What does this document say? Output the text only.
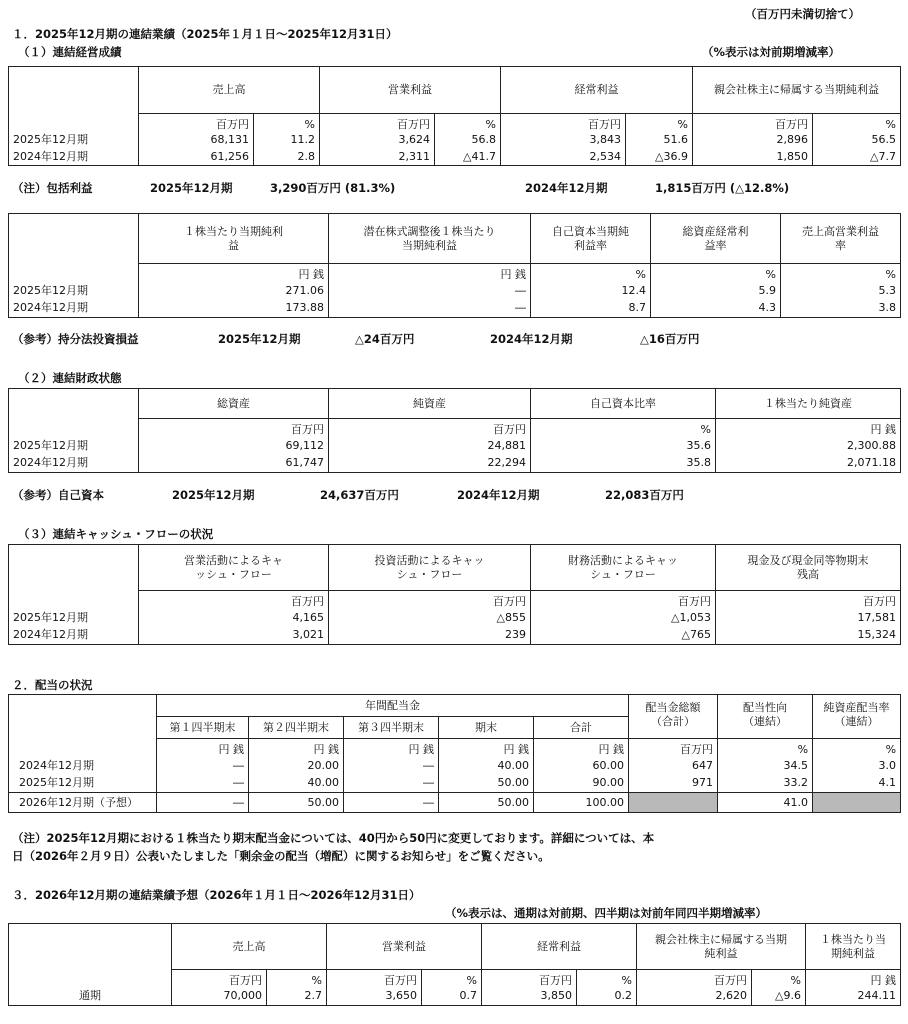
（百万円未満切捨て）
１．2025年12月期の連結業績（2025年１月１日～2025年12月31日）
（１）連結経営成績	（%表示は対前期増減率）
	売上高		営業利益		経常利益		親会社株主に帰属する当期純利益	
	百万円	%	百万円	%	百万円	%	百万円	%
2025年12月期	68,131	11.2	3,624	56.8	3,843	51.6	2,896	56.5
2024年12月期	61,256	2.8	2,311	△41.7	2,534	△36.9	1,850	△7.7
（注）包括利益	2025年12月期	3,290百万円 (81.3%)	2024年12月期	1,815百万円 (△12.8%)
	１株当たり当期純利益	潜在株式調整後１株当たり当期純利益	自己資本当期純利益率	総資産経常利益率	売上高営業利益率
	円 銭	円 銭	%	%	%
2025年12月期	271.06	―	12.4	5.9	5.3
2024年12月期	173.88	―	8.7	4.3	3.8
（参考）持分法投資損益	2025年12月期	△24百万円	2024年12月期	△16百万円
（２）連結財政状態
	総資産	純資産	自己資本比率	１株当たり純資産
	百万円	百万円	%	円 銭
2025年12月期	69,112	24,881	35.6	2,300.88
2024年12月期	61,747	22,294	35.8	2,071.18
（参考）自己資本	2025年12月期	24,637百万円	2024年12月期	22,083百万円
（３）連結キャッシュ・フローの状況
	営業活動によるキャッシュ・フロー	投資活動によるキャッシュ・フロー	財務活動によるキャッシュ・フロー	現金及び現金同等物期末残高
	百万円	百万円	百万円	百万円
2025年12月期	4,165	△855	△1,053	17,581
2024年12月期	3,021	239	△765	15,324
２．配当の状況
	年間配当金					配当金総額（合計）	配当性向（連結）	純資産配当率（連結）
	第１四半期末	第２四半期末	第３四半期末	期末	合計			
	円 銭	円 銭	円 銭	円 銭	円 銭	百万円	%	%
2024年12月期	―	20.00	―	40.00	60.00	647	34.5	3.0
2025年12月期	―	40.00	―	50.00	90.00	971	33.2	4.1
2026年12月期（予想）	―	50.00	―	50.00	100.00		41.0	
（注）2025年12月期における１株当たり期末配当金については、40円から50円に変更しております。詳細については、本
日（2026年２月９日）公表いたしました「剰余金の配当（増配）に関するお知らせ」をご覧ください。
３．2026年12月期の連結業績予想（2026年１月１日～2026年12月31日）
（%表示は、通期は対前期、四半期は対前年同四半期増減率）
	売上高		営業利益		経常利益		親会社株主に帰属する当期純利益		１株当たり当期純利益
	百万円	%	百万円	%	百万円	%	百万円	%	円 銭
通期	70,000	2.7	3,650	0.7	3,850	0.2	2,620	△9.6	244.11
